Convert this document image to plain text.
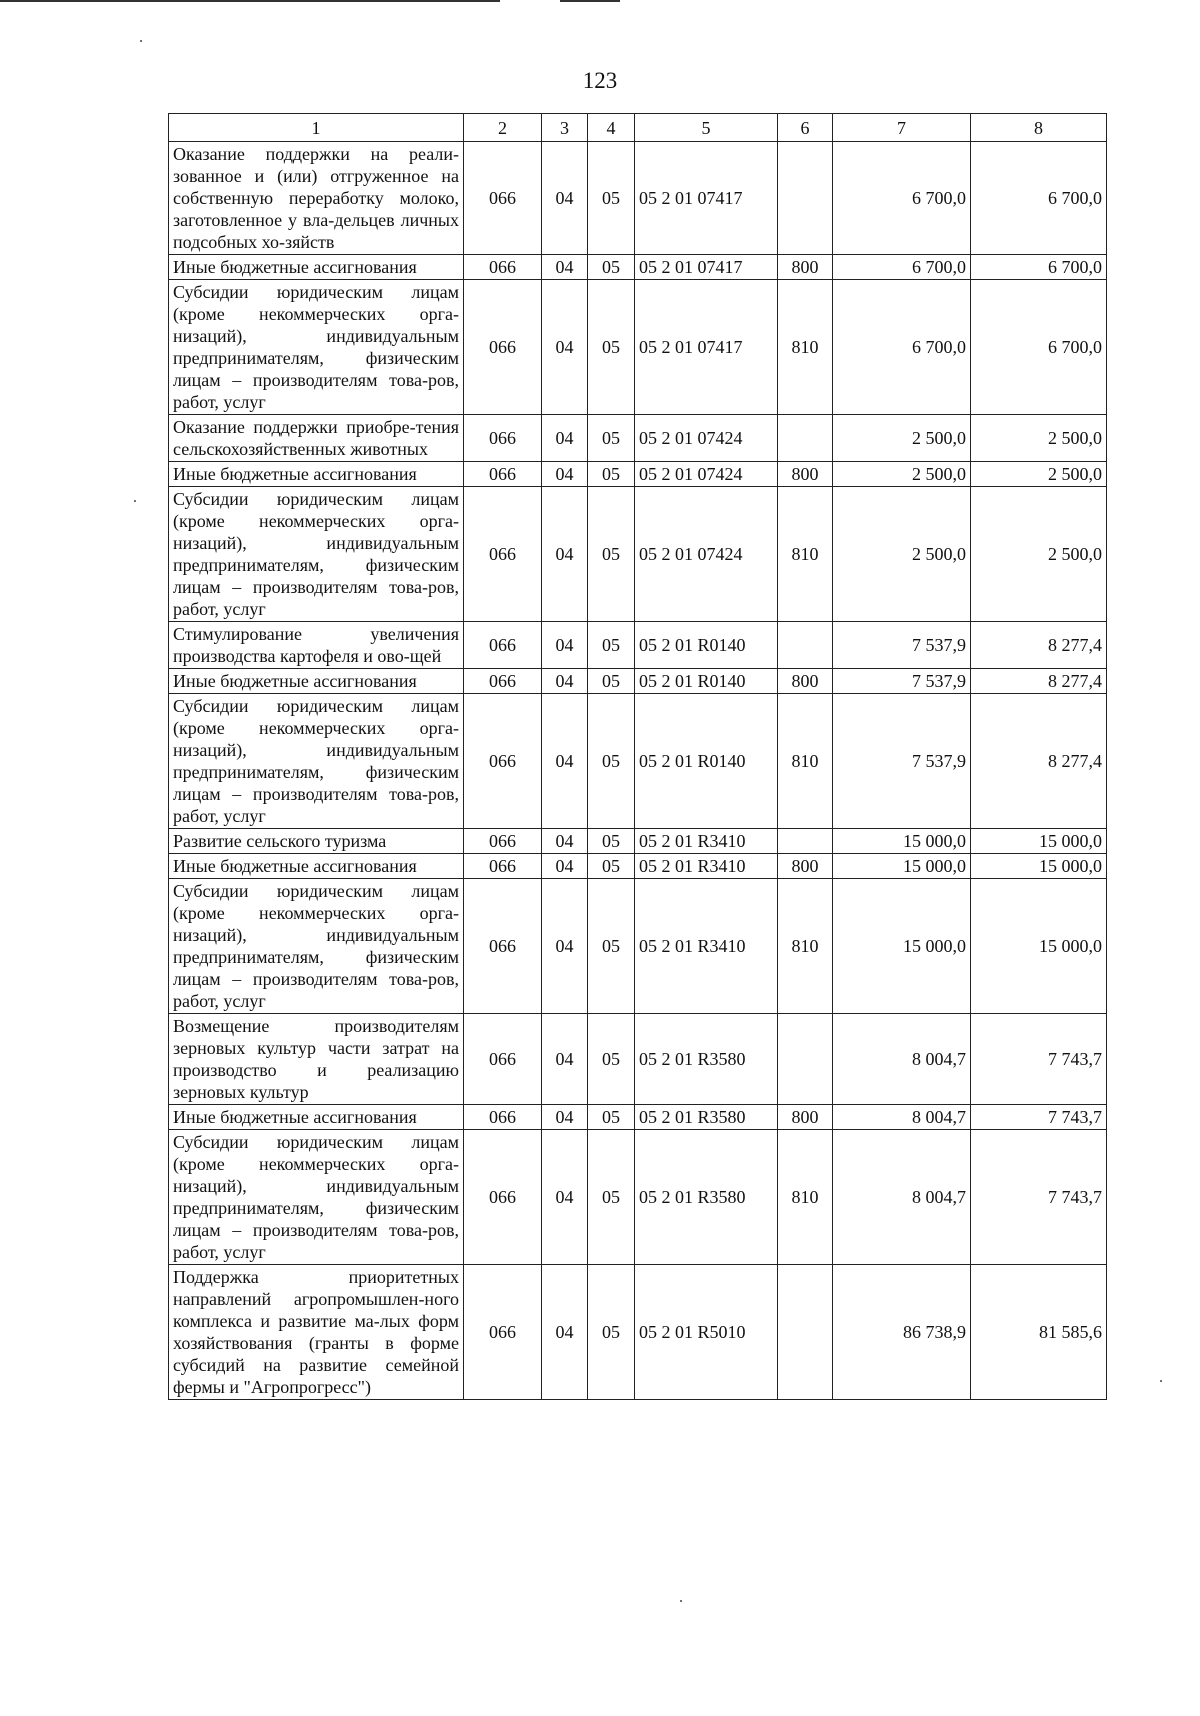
123
1	2	3	4	5	6	7	8
Оказание поддержки на реали-зованное и (или) отгруженное на собственную переработку молоко, заготовленное у вла-дельцев личных подсобных хо-зяйств	066	04	05	05 2 01 07417		6 700,0	6 700,0
Иные бюджетные ассигнования	066	04	05	05 2 01 07417	800	6 700,0	6 700,0
Субсидии юридическим лицам (кроме некоммерческих орга-низаций), индивидуальным предпринимателям, физическим лицам – производителям това-ров, работ, услуг	066	04	05	05 2 01 07417	810	6 700,0	6 700,0
Оказание поддержки приобре-тения сельскохозяйственных животных	066	04	05	05 2 01 07424		2 500,0	2 500,0
Иные бюджетные ассигнования	066	04	05	05 2 01 07424	800	2 500,0	2 500,0
Субсидии юридическим лицам (кроме некоммерческих орга-низаций), индивидуальным предпринимателям, физическим лицам – производителям това-ров, работ, услуг	066	04	05	05 2 01 07424	810	2 500,0	2 500,0
Стимулирование увеличения производства картофеля и ово-щей	066	04	05	05 2 01 R0140		7 537,9	8 277,4
Иные бюджетные ассигнования	066	04	05	05 2 01 R0140	800	7 537,9	8 277,4
Субсидии юридическим лицам (кроме некоммерческих орга-низаций), индивидуальным предпринимателям, физическим лицам – производителям това-ров, работ, услуг	066	04	05	05 2 01 R0140	810	7 537,9	8 277,4
Развитие сельского туризма	066	04	05	05 2 01 R3410		15 000,0	15 000,0
Иные бюджетные ассигнования	066	04	05	05 2 01 R3410	800	15 000,0	15 000,0
Субсидии юридическим лицам (кроме некоммерческих орга-низаций), индивидуальным предпринимателям, физическим лицам – производителям това-ров, работ, услуг	066	04	05	05 2 01 R3410	810	15 000,0	15 000,0
Возмещение производителям зерновых культур части затрат на производство и реализацию зерновых культур	066	04	05	05 2 01 R3580		8 004,7	7 743,7
Иные бюджетные ассигнования	066	04	05	05 2 01 R3580	800	8 004,7	7 743,7
Субсидии юридическим лицам (кроме некоммерческих орга-низаций), индивидуальным предпринимателям, физическим лицам – производителям това-ров, работ, услуг	066	04	05	05 2 01 R3580	810	8 004,7	7 743,7
Поддержка приоритетных направлений агропромышлен-ного комплекса и развитие ма-лых форм хозяйствования (гранты в форме субсидий на развитие семейной фермы и "Агропрогресс")	066	04	05	05 2 01 R5010		86 738,9	81 585,6
